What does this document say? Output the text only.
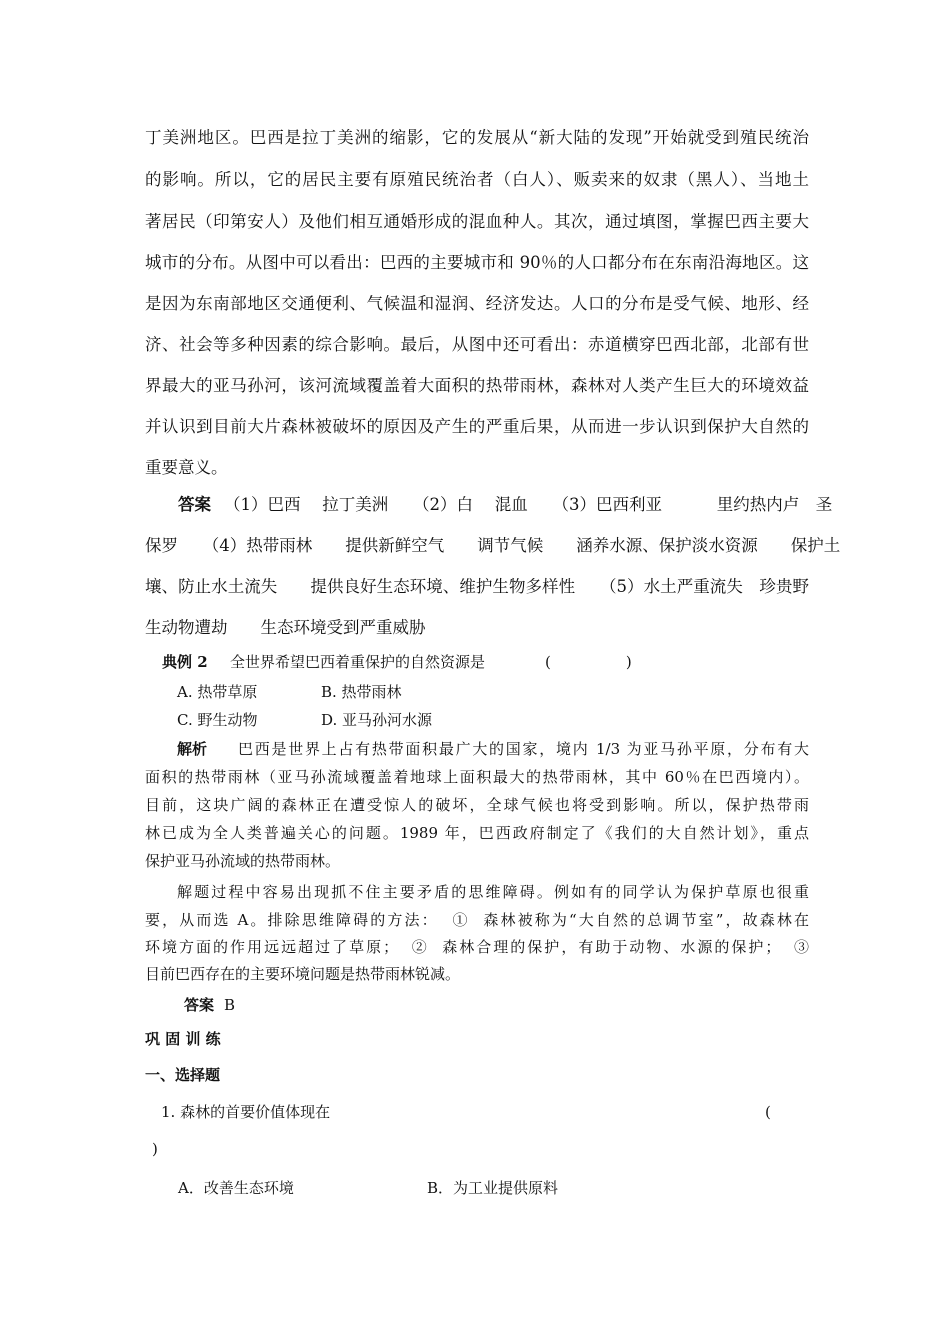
丁美洲地区。巴西是拉丁美洲的缩影，它的发展从“新大陆的发现”开始就受到殖民统治
的影响。所以，它的居民主要有原殖民统治者（白人）、贩卖来的奴隶（黑人）、当地土
著居民（印第安人）及他们相互通婚形成的混血种人。其次，通过填图，掌握巴西主要大
城市的分布。从图中可以看出：巴西的主要城市和 90％的人口都分布在东南沿海地区。这
是因为东南部地区交通便利、气候温和湿润、经济发达。人口的分布是受气候、地形、经
济、社会等多种因素的综合影响。最后，从图中还可看出：赤道横穿巴西北部，北部有世
界最大的亚马孙河，该河流域覆盖着大面积的热带雨林，森林对人类产生巨大的环境效益
并认识到目前大片森林被破坏的原因及产生的严重后果，从而进一步认识到保护大自然的
重要意义。
答案 （1）巴西　 拉丁美洲　　（2）白　 混血　　（3）巴西利亚　　　 里约热内卢　圣
保罗　　（4）热带雨林　　提供新鲜空气　　调节气候　　涵养水源、保护淡水资源　　保护土
壤、防止水土流失　　提供良好生态环境、维护生物多样性　　（5）水土严重流失　珍贵野
生动物遭劫　　生态环境受到严重威胁
典例 2 全世界希望巴西着重保护的自然资源是	(　　　　　)
A. 热带草原	B. 热带雨林
C. 野生动物	D. 亚马孙河水源
解析 巴西是世界上占有热带面积最广大的国家，境内 1/3 为亚马孙平原，分布有大
面积的热带雨林（亚马孙流域覆盖着地球上面积最大的热带雨林，其中 60％在巴西境内）。
目前，这块广阔的森林正在遭受惊人的破坏，全球气候也将受到影响。所以，保护热带雨
林已成为全人类普遍关心的问题。1989 年，巴西政府制定了《我们的大自然计划》，重点
保护亚马孙流域的热带雨林。
解题过程中容易出现抓不住主要矛盾的思维障碍。例如有的同学认为保护草原也很重
要，从而选 A。排除思维障碍的方法：  ①  森林被称为“大自然的总调节室”，故森林在
环境方面的作用远远超过了草原；  ②  森林合理的保护，有助于动物、水源的保护；  ③
目前巴西存在的主要环境问题是热带雨林锐减。
答案 B
巩 固 训 练
一、选择题
1. 森林的首要价值体现在	(
)
A．改善生态环境	B．为工业提供原料
